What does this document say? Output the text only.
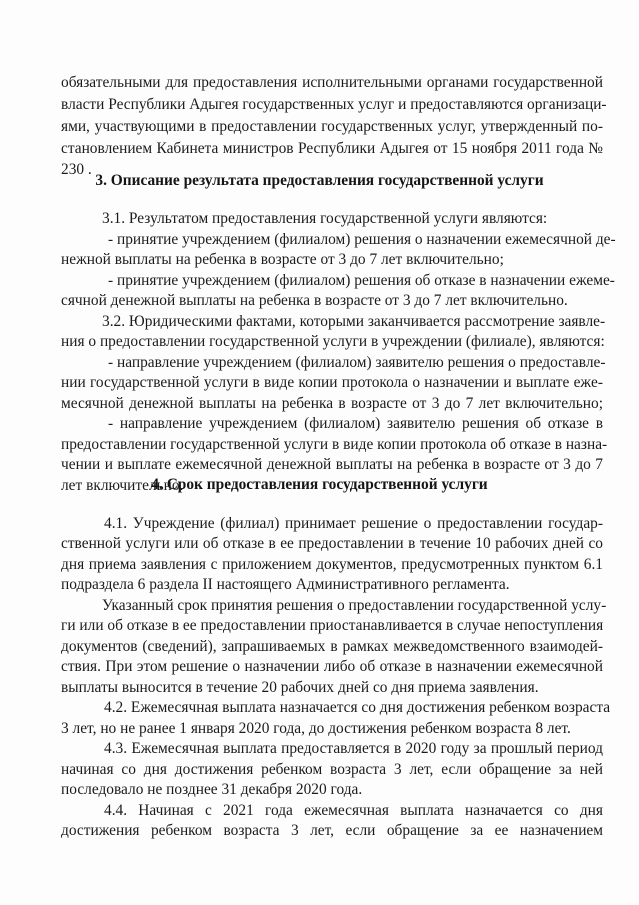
обязательными для предоставления исполнительными органами государственной
власти Республики Адыгея государственных услуг и предоставляются организаци-
ями, участвующими в предоставлении государственных услуг, утвержденный по-
становлением Кабинета министров Республики Адыгея от 15 ноября 2011 года №
230 .
3. Описание результата предоставления государственной услуги
3.1. Результатом предоставления государственной услуги являются:
- принятие учреждением (филиалом) решения о назначении ежемесячной де-
нежной выплаты на ребенка в возрасте от 3 до 7 лет включительно;
- принятие учреждением (филиалом) решения об отказе в назначении ежеме-
сячной денежной выплаты на ребенка в возрасте от 3 до 7 лет включительно.
3.2. Юридическими фактами, которыми заканчивается рассмотрение заявле-
ния о предоставлении государственной услуги в учреждении (филиале), являются:
- направление учреждением (филиалом) заявителю решения о предоставле-
нии государственной услуги в виде копии протокола о назначении и выплате ежe-
месячной денежной выплаты на ребенка в возрасте от 3 до 7 лет включительно;
- направление учреждением (филиалом) заявителю решения об отказе в
предоставлении государственной услуги в виде копии протокола об отказе в назна-
чении и выплате ежемесячной денежной выплаты на ребенка в возрасте от 3 до 7
лет включительно.
4. Срок предоставления государственной услуги
4.1. Учреждение (филиал) принимает решение о предоставлении государ-
ственной услуги или об отказе в ее предоставлении в течение 10 рабочих дней со
дня приема заявления с приложением документов, предусмотренных пунктом 6.1
подраздела 6 раздела II настоящего Административного регламента.
Указанный срок принятия решения о предоставлении государственной услу-
ги или об отказе в ее предоставлении приостанавливается в случае непоступления
документов (сведений), запрашиваемых в рамках межведомственного взаимодей-
ствия. При этом решение о назначении либо об отказе в назначении ежемесячной
выплаты выносится в течение 20 рабочих дней со дня приема заявления.
4.2. Ежемесячная выплата назначается со дня достижения ребенком возраста
3 лет, но не ранее 1 января 2020 года, до достижения ребенком возраста 8 лет.
4.3. Ежемесячная выплата предоставляется в 2020 году за прошлый период
начиная со дня достижения ребенком возраста 3 лет, если обращение за ней
последовало не позднее 31 декабря 2020 года.
4.4. Начиная с 2021 года ежемесячная выплата назначается со дня
достижения ребенком возраста 3 лет, если обращение за ее назначением
